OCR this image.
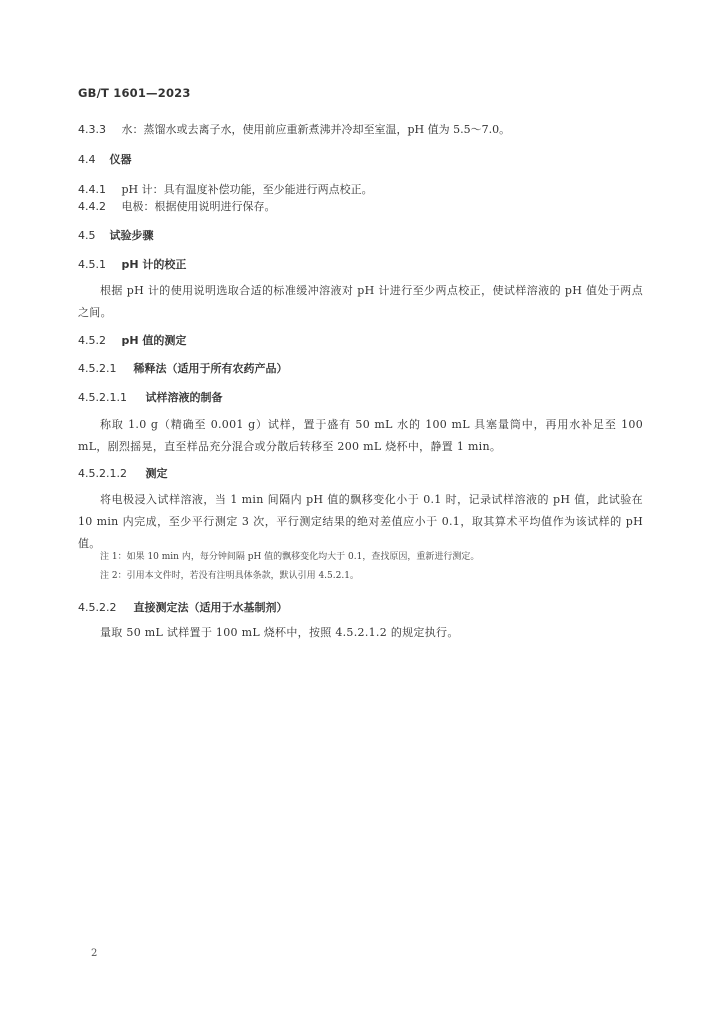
GB/T 1601—2023
4.3.3 水：蒸馏水或去离子水，使用前应重新煮沸并冷却至室温，pH 值为 5.5～7.0。
4.4 仪器
4.4.1 pH 计：具有温度补偿功能，至少能进行两点校正。
4.4.2 电极：根据使用说明进行保存。
4.5 试验步骤
4.5.1 pH 计的校正
根据 pH 计的使用说明选取合适的标准缓冲溶液对 pH 计进行至少两点校正，使试样溶液的 pH 值处于两点之间。
4.5.2 pH 值的测定
4.5.2.1 稀释法（适用于所有农药产品）
4.5.2.1.1 试样溶液的制备
称取 1.0 g（精确至 0.001 g）试样，置于盛有 50 mL 水的 100 mL 具塞量筒中，再用水补足至 100 mL，剧烈摇晃，直至样品充分混合或分散后转移至 200 mL 烧杯中，静置 1 min。
4.5.2.1.2 测定
将电极浸入试样溶液，当 1 min 间隔内 pH 值的飘移变化小于 0.1 时，记录试样溶液的 pH 值，此试验在 10 min 内完成，至少平行测定 3 次，平行测定结果的绝对差值应小于 0.1，取其算术平均值作为该试样的 pH 值。
注 1：如果 10 min 内，每分钟间隔 pH 值的飘移变化均大于 0.1，查找原因，重新进行测定。
注 2：引用本文件时，若没有注明具体条款，默认引用 4.5.2.1。
4.5.2.2 直接测定法（适用于水基制剂）
量取 50 mL 试样置于 100 mL 烧杯中，按照 4.5.2.1.2 的规定执行。
2
